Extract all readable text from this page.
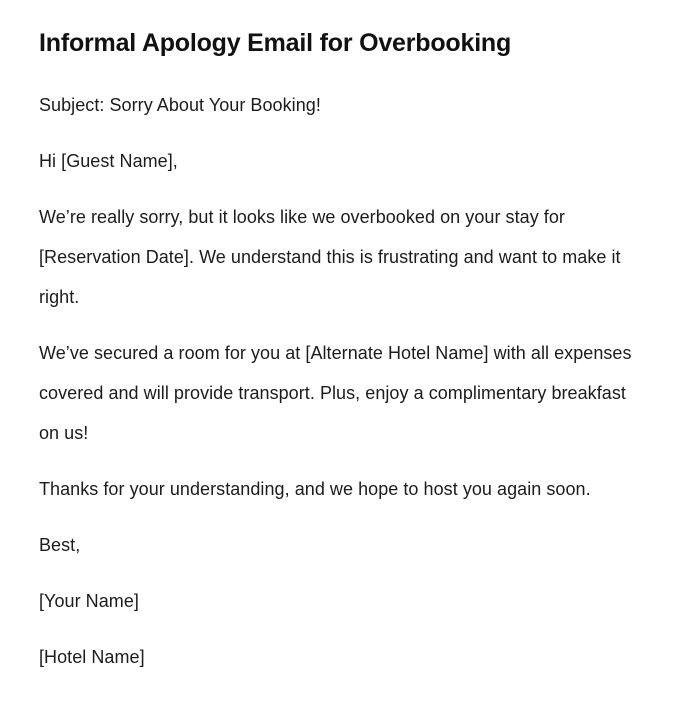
Informal Apology Email for Overbooking

Subject: Sorry About Your Booking!

Hi [Guest Name],

We’re really sorry, but it looks like we overbooked on your stay for [Reservation Date]. We understand this is frustrating and want to make it right.

We’ve secured a room for you at [Alternate Hotel Name] with all expenses covered and will provide transport. Plus, enjoy a complimentary breakfast on us!

Thanks for your understanding, and we hope to host you again soon.

Best,

[Your Name]

[Hotel Name]
